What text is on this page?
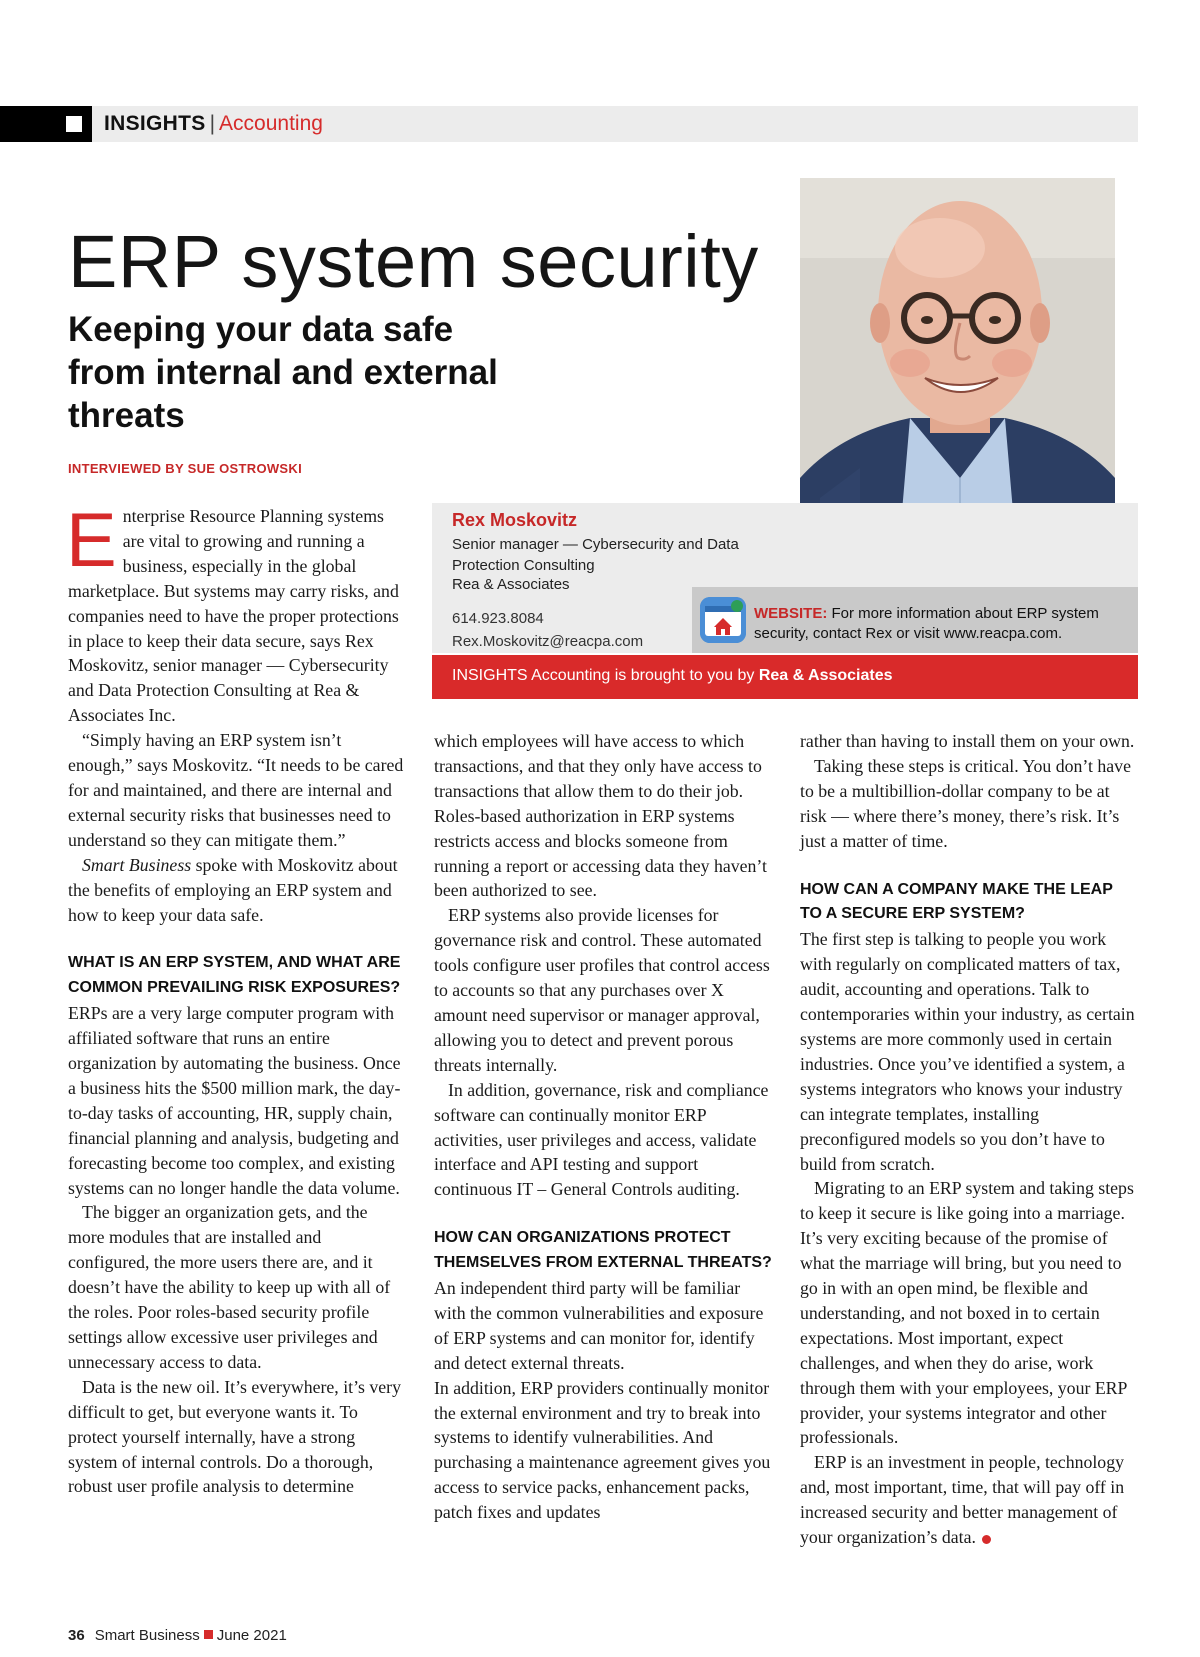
INSIGHTS | Accounting
ERP system security
Keeping your data safe from internal and external threats
INTERVIEWED BY SUE OSTROWSKI
Rex Moskovitz
Senior manager — Cybersecurity and Data Protection Consulting
Rea & Associates
614.923.8084
Rex.Moskovitz@reacpa.com
WEBSITE: For more information about ERP system security, contact Rex or visit www.reacpa.com.
INSIGHTS Accounting is brought to you by Rea & Associates

Enterprise Resource Planning systems are vital to growing and running a business, especially in the global marketplace. But systems may carry risks, and companies need to have the proper protections in place to keep their data secure, says Rex Moskovitz, senior manager — Cybersecurity and Data Protection Consulting at Rea & Associates Inc.

“Simply having an ERP system isn’t enough,” says Moskovitz. “It needs to be cared for and maintained, and there are internal and external security risks that businesses need to understand so they can mitigate them.”

Smart Business spoke with Moskovitz about the benefits of employing an ERP system and how to keep your data safe.

WHAT IS AN ERP SYSTEM, AND WHAT ARE COMMON PREVAILING RISK EXPOSURES?

ERPs are a very large computer program with affiliated software that runs an entire organization by automating the business. Once a business hits the $500 million mark, the day-to-day tasks of accounting, HR, supply chain, financial planning and analysis, budgeting and forecasting become too complex, and existing systems can no longer handle the data volume.

The bigger an organization gets, and the more modules that are installed and configured, the more users there are, and it doesn’t have the ability to keep up with all of the roles. Poor roles-based security profile settings allow excessive user privileges and unnecessary access to data.

Data is the new oil. It’s everywhere, it’s very difficult to get, but everyone wants it. To protect yourself internally, have a strong system of internal controls. Do a thorough, robust user profile analysis to determine

which employees will have access to which transactions, and that they only have access to transactions that allow them to do their job. Roles-based authorization in ERP systems restricts access and blocks someone from running a report or accessing data they haven’t been authorized to see.

ERP systems also provide licenses for governance risk and control. These automated tools configure user profiles that control access to accounts so that any purchases over X amount need supervisor or manager approval, allowing you to detect and prevent porous threats internally.

In addition, governance, risk and compliance software can continually monitor ERP activities, user privileges and access, validate interface and API testing and support continuous IT – General Controls auditing.

HOW CAN ORGANIZATIONS PROTECT THEMSELVES FROM EXTERNAL THREATS?

An independent third party will be familiar with the common vulnerabilities and exposure of ERP systems and can monitor for, identify and detect external threats.

In addition, ERP providers continually monitor the external environment and try to break into systems to identify vulnerabilities. And purchasing a maintenance agreement gives you access to service packs, enhancement packs, patch fixes and updates

rather than having to install them on your own.

Taking these steps is critical. You don’t have to be a multibillion-dollar company to be at risk — where there’s money, there’s risk. It’s just a matter of time.

HOW CAN A COMPANY MAKE THE LEAP TO A SECURE ERP SYSTEM?

The first step is talking to people you work with regularly on complicated matters of tax, audit, accounting and operations. Talk to contemporaries within your industry, as certain systems are more commonly used in certain industries. Once you’ve identified a system, a systems integrators who knows your industry can integrate templates, installing preconfigured models so you don’t have to build from scratch.

Migrating to an ERP system and taking steps to keep it secure is like going into a marriage. It’s very exciting because of the promise of what the marriage will bring, but you need to go in with an open mind, be flexible and understanding, and not boxed in to certain expectations. Most important, expect challenges, and when they do arise, work through them with your employees, your ERP provider, your systems integrator and other professionals.

ERP is an investment in people, technology and, most important, time, that will pay off in increased security and better management of your organization’s data.

36 Smart Business June 2021
